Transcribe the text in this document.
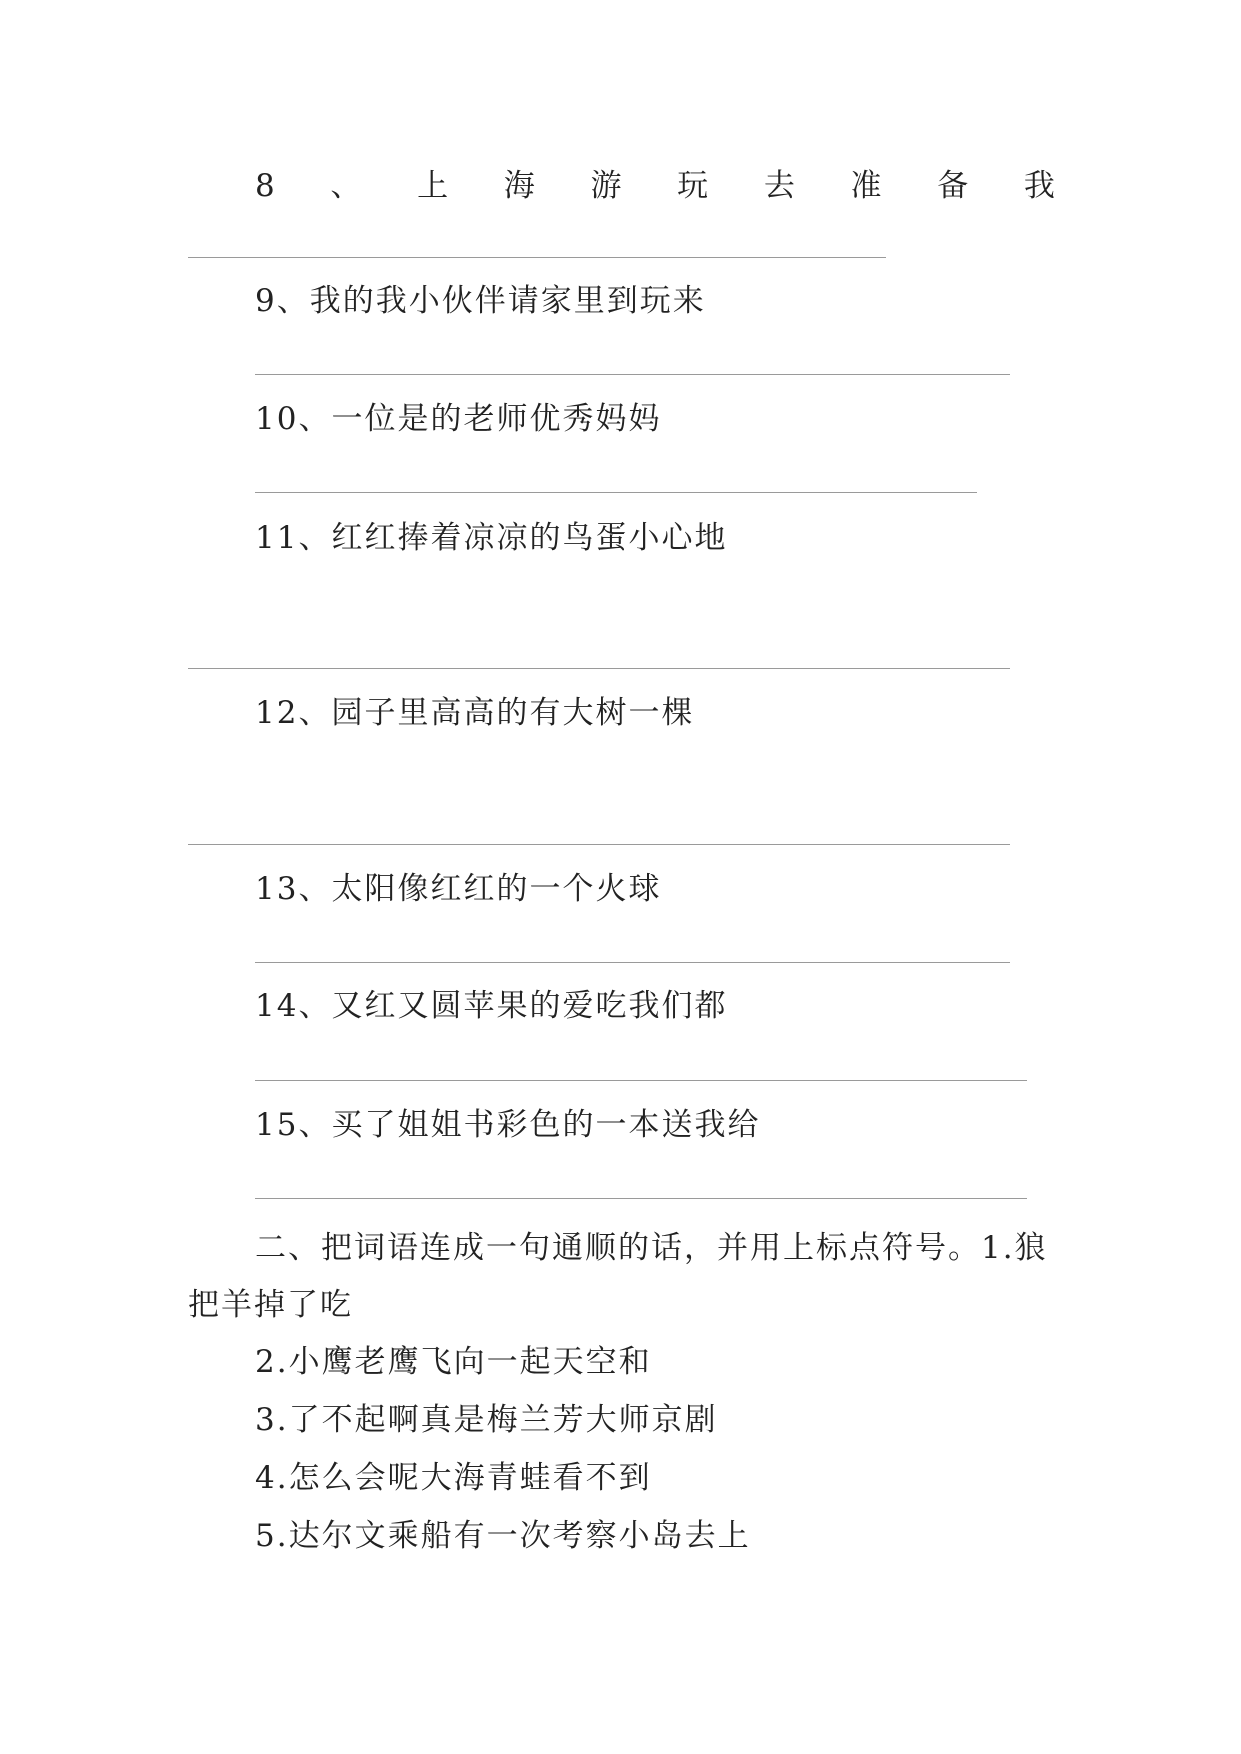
8 、 上 海 游 玩 去 准 备 我
9、我的我小伙伴请家里到玩来
10、一位是的老师优秀妈妈
11、红红捧着凉凉的鸟蛋小心地
12、园子里高高的有大树一棵
13、太阳像红红的一个火球
14、又红又圆苹果的爱吃我们都
15、买了姐姐书彩色的一本送我给
二、把词语连成一句通顺的话，并用上标点符号。1.狼
把羊掉了吃
2.小鹰老鹰飞向一起天空和
3.了不起啊真是梅兰芳大师京剧
4.怎么会呢大海青蛙看不到
5.达尔文乘船有一次考察小岛去上
